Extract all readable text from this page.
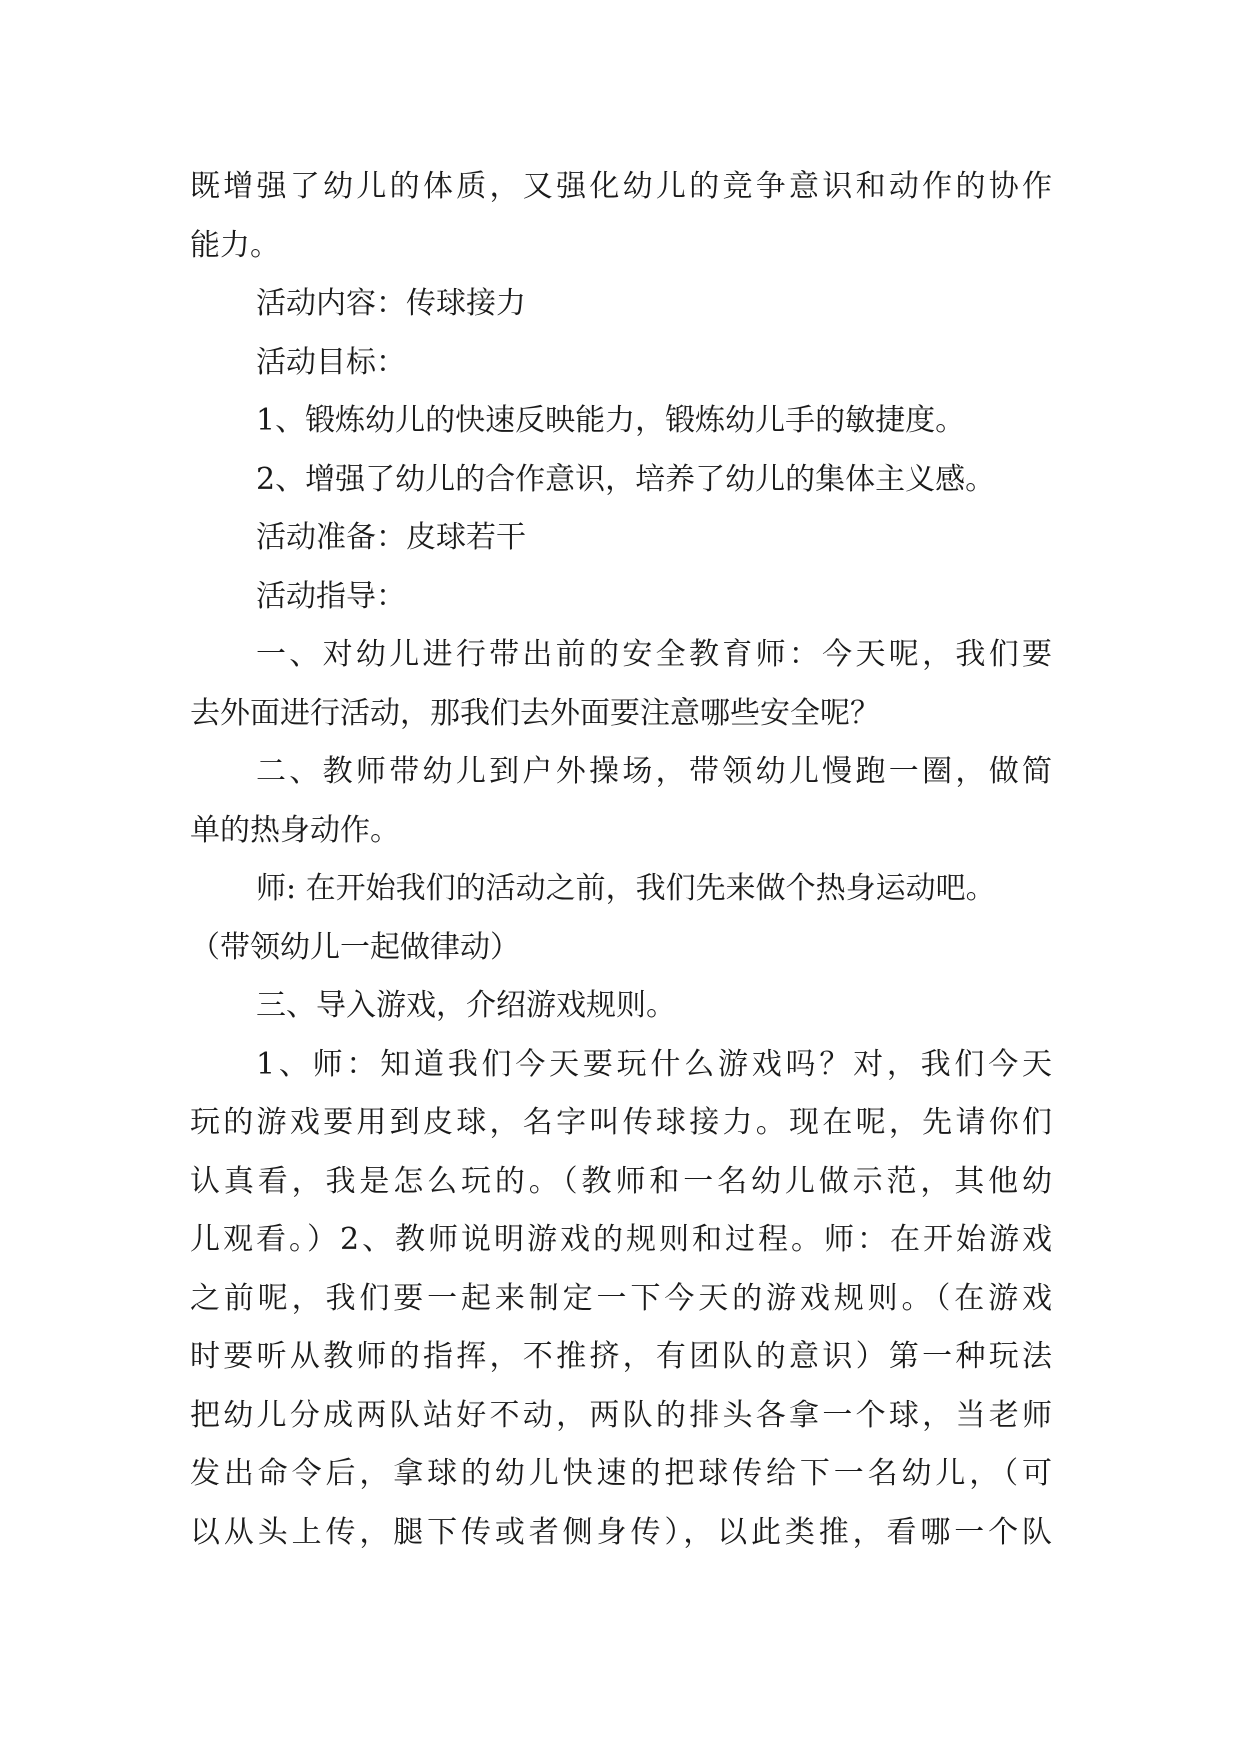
既增强了幼儿的体质，又强化幼儿的竞争意识和动作的协作
能力。
活动内容：传球接力
活动目标：
1、锻炼幼儿的快速反映能力，锻炼幼儿手的敏捷度。
2、增强了幼儿的合作意识，培养了幼儿的集体主义感。
活动准备：皮球若干
活动指导：
一、对幼儿进行带出前的安全教育师：今天呢，我们要
去外面进行活动，那我们去外面要注意哪些安全呢？
二、教师带幼儿到户外操场，带领幼儿慢跑一圈，做简
单的热身动作。
师: 在开始我们的活动之前，我们先来做个热身运动吧。
（带领幼儿一起做律动）
三、导入游戏，介绍游戏规则。
1、师：知道我们今天要玩什么游戏吗？对，我们今天
玩的游戏要用到皮球，名字叫传球接力。现在呢，先请你们
认真看，我是怎么玩的。（教师和一名幼儿做示范，其他幼
儿观看。）2、教师说明游戏的规则和过程。师：在开始游戏
之前呢，我们要一起来制定一下今天的游戏规则。（在游戏
时要听从教师的指挥，不推挤，有团队的意识）第一种玩法
把幼儿分成两队站好不动，两队的排头各拿一个球，当老师
发出命令后，拿球的幼儿快速的把球传给下一名幼儿，（可
以从头上传，腿下传或者侧身传），以此类推，看哪一个队
